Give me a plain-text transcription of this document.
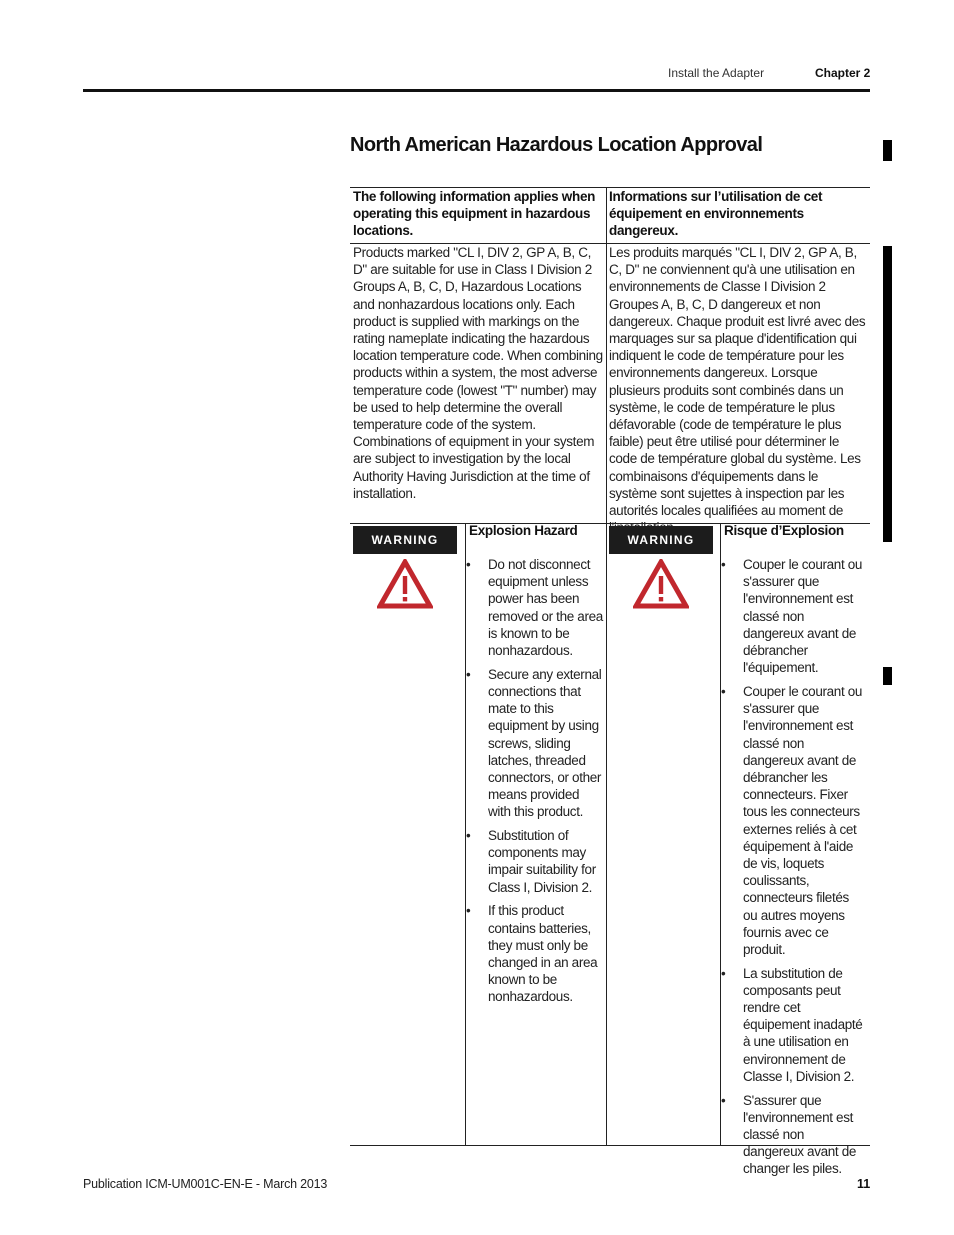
Install the Adapter	Chapter 2
North American Hazardous Location Approval
The following information applies when operating this equipment in hazardous locations.
Informations sur l’utilisation de cet équipement en environnements dangereux.
Products marked "CL I, DIV 2, GP A, B, C, D" are suitable for use in Class I Division 2 Groups A, B, C, D, Hazardous Locations and nonhazardous locations only. Each product is supplied with markings on the rating nameplate indicating the hazardous location temperature code. When combining products within a system, the most adverse temperature code (lowest "T" number) may be used to help determine the overall temperature code of the system. Combinations of equipment in your system are subject to investigation by the local Authority Having Jurisdiction at the time of installation.
Les produits marqués "CL I, DIV 2, GP A, B, C, D" ne conviennent qu'à une utilisation en environnements de Classe I Division 2 Groupes A, B, C, D dangereux et non dangereux. Chaque produit est livré avec des marquages sur sa plaque d'identification qui indiquent le code de température pour les environnements dangereux. Lorsque plusieurs produits sont combinés dans un système, le code de température le plus défavorable (code de température le plus faible) peut être utilisé pour déterminer le code de température global du système. Les combinaisons d'équipements dans le système sont sujettes à inspection par les autorités locales qualifiées au moment de
WARNING
Explosion Hazard
• Do not disconnect equipment unless power has been removed or the area is known to be nonhazardous.
• Secure any external connections that mate to this equipment by using screws, sliding latches, threaded connectors, or other means provided with this product.
• Substitution of components may impair suitability for Class I, Division 2.
• If this product contains batteries, they must only be changed in an area known to be nonhazardous.
WARNING
Risque d’Explosion
• Couper le courant ou s'assurer que l'environnement est classé non dangereux avant de débrancher l'équipement.
• Couper le courant ou s'assurer que l'environnement est classé non dangereux avant de débrancher les connecteurs. Fixer tous les connecteurs externes reliés à cet équipement à l'aide de vis, loquets coulissants, connecteurs filetés ou autres moyens fournis avec ce produit.
• La substitution de composants peut rendre cet équipement inadapté à une utilisation en environnement de Classe I, Division 2.
• S'assurer que l'environnement est classé non dangereux avant de changer les piles.
Publication ICM-UM001C-EN-E - March 2013	11
